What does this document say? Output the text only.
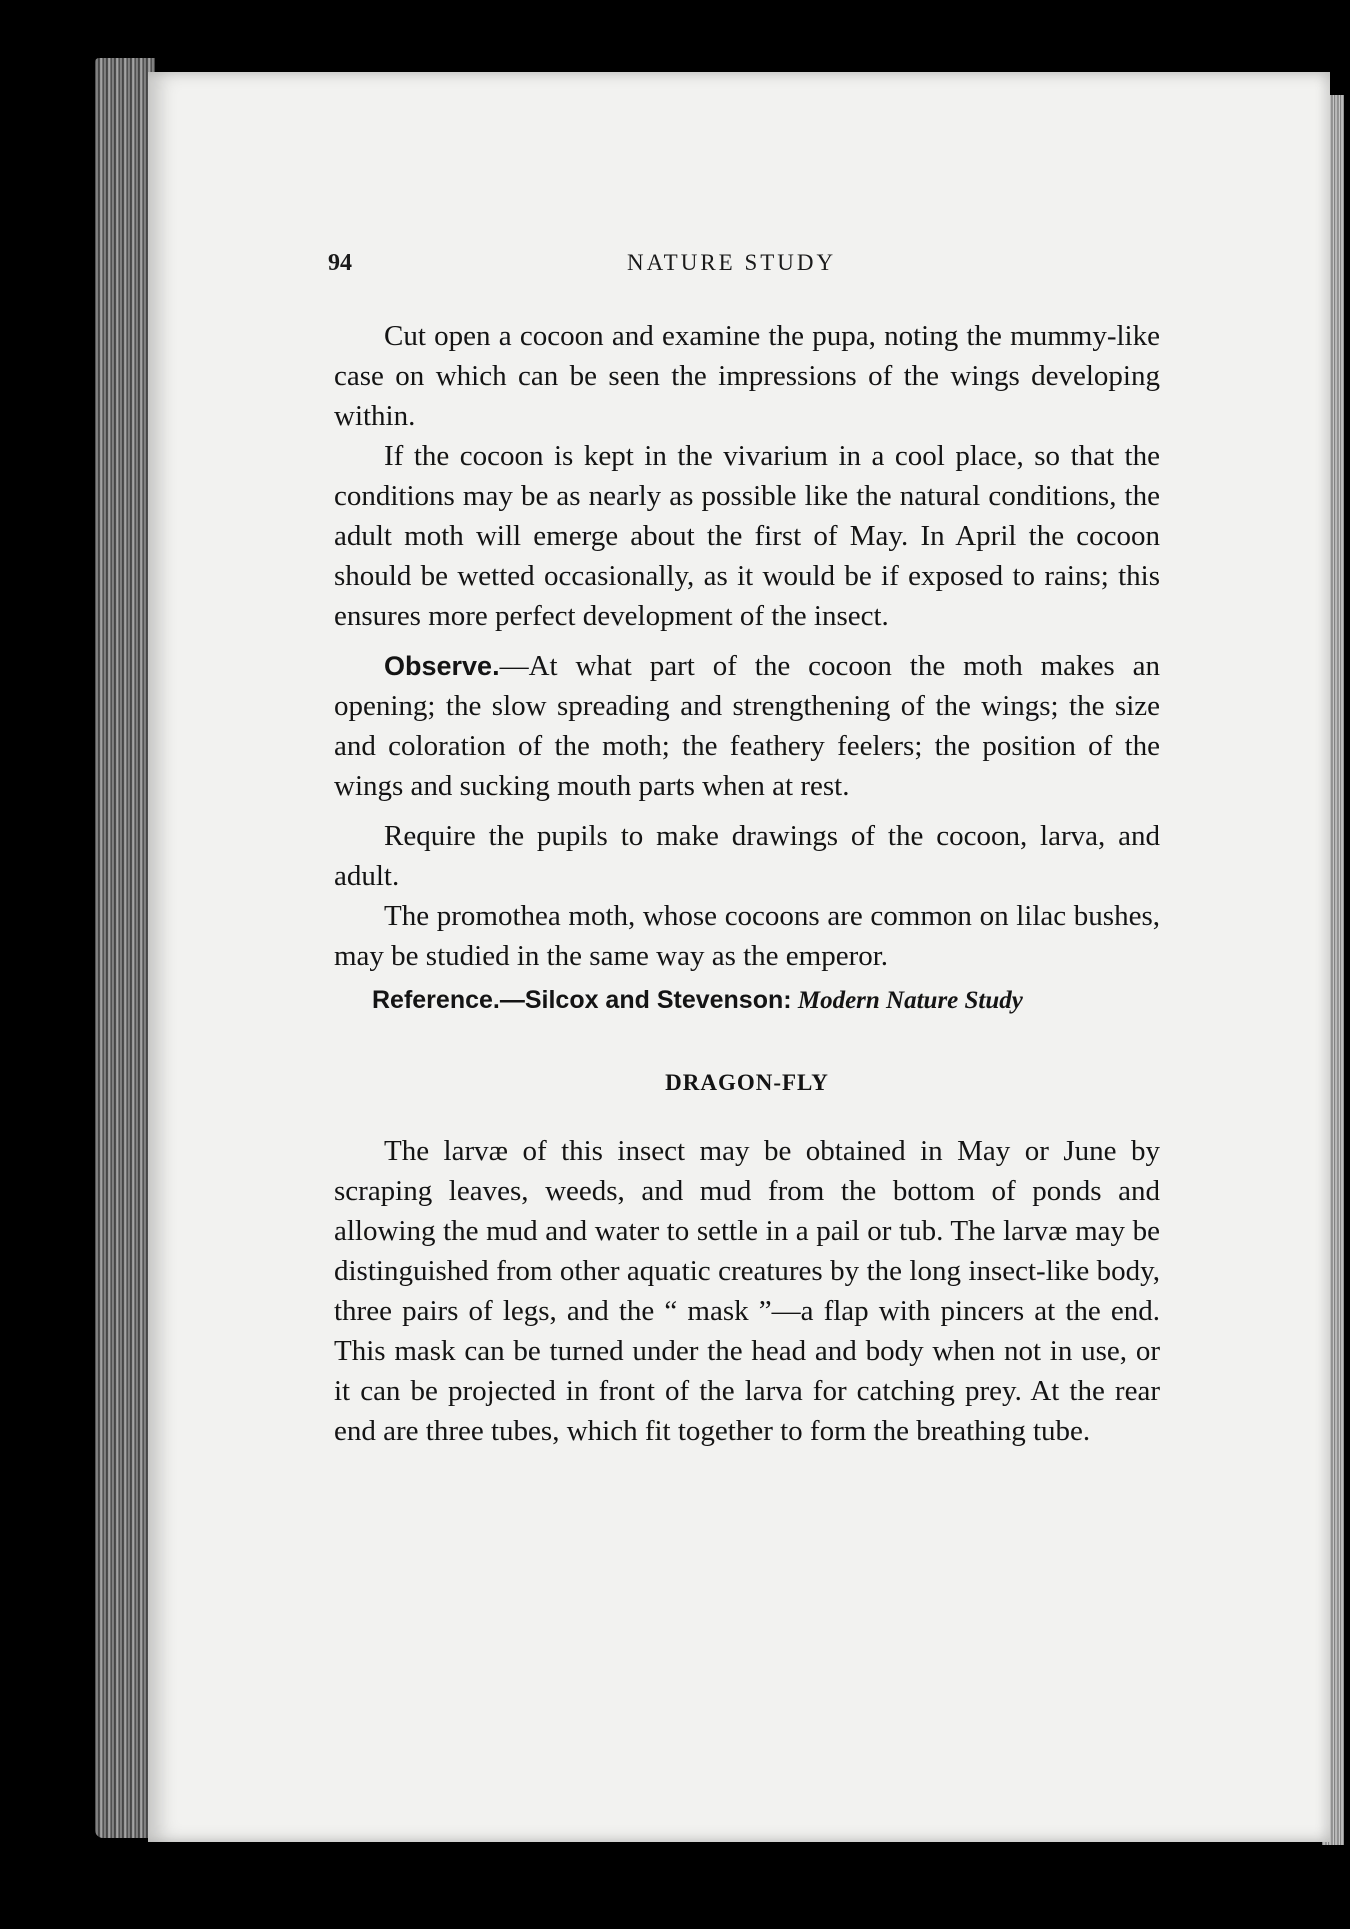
94	NATURE STUDY

Cut open a cocoon and examine the pupa, noting the mummy-like case on which can be seen the impressions of the wings developing within.

If the cocoon is kept in the vivarium in a cool place, so that the conditions may be as nearly as possible like the natural conditions, the adult moth will emerge about the first of May. In April the cocoon should be wetted occasionally, as it would be if exposed to rains; this ensures more perfect development of the insect.

Observe.—At what part of the cocoon the moth makes an opening; the slow spreading and strengthening of the wings; the size and coloration of the moth; the feathery feelers; the position of the wings and sucking mouth parts when at rest.

Require the pupils to make drawings of the cocoon, larva, and adult.

The promothea moth, whose cocoons are common on lilac bushes, may be studied in the same way as the emperor.

Reference.—Silcox and Stevenson: Modern Nature Study

DRAGON-FLY

The larvæ of this insect may be obtained in May or June by scraping leaves, weeds, and mud from the bottom of ponds and allowing the mud and water to settle in a pail or tub. The larvæ may be distinguished from other aquatic creatures by the long insect-like body, three pairs of legs, and the “ mask ”—a flap with pincers at the end. This mask can be turned under the head and body when not in use, or it can be projected in front of the larva for catching prey. At the rear end are three tubes, which fit together to form the breathing tube.
